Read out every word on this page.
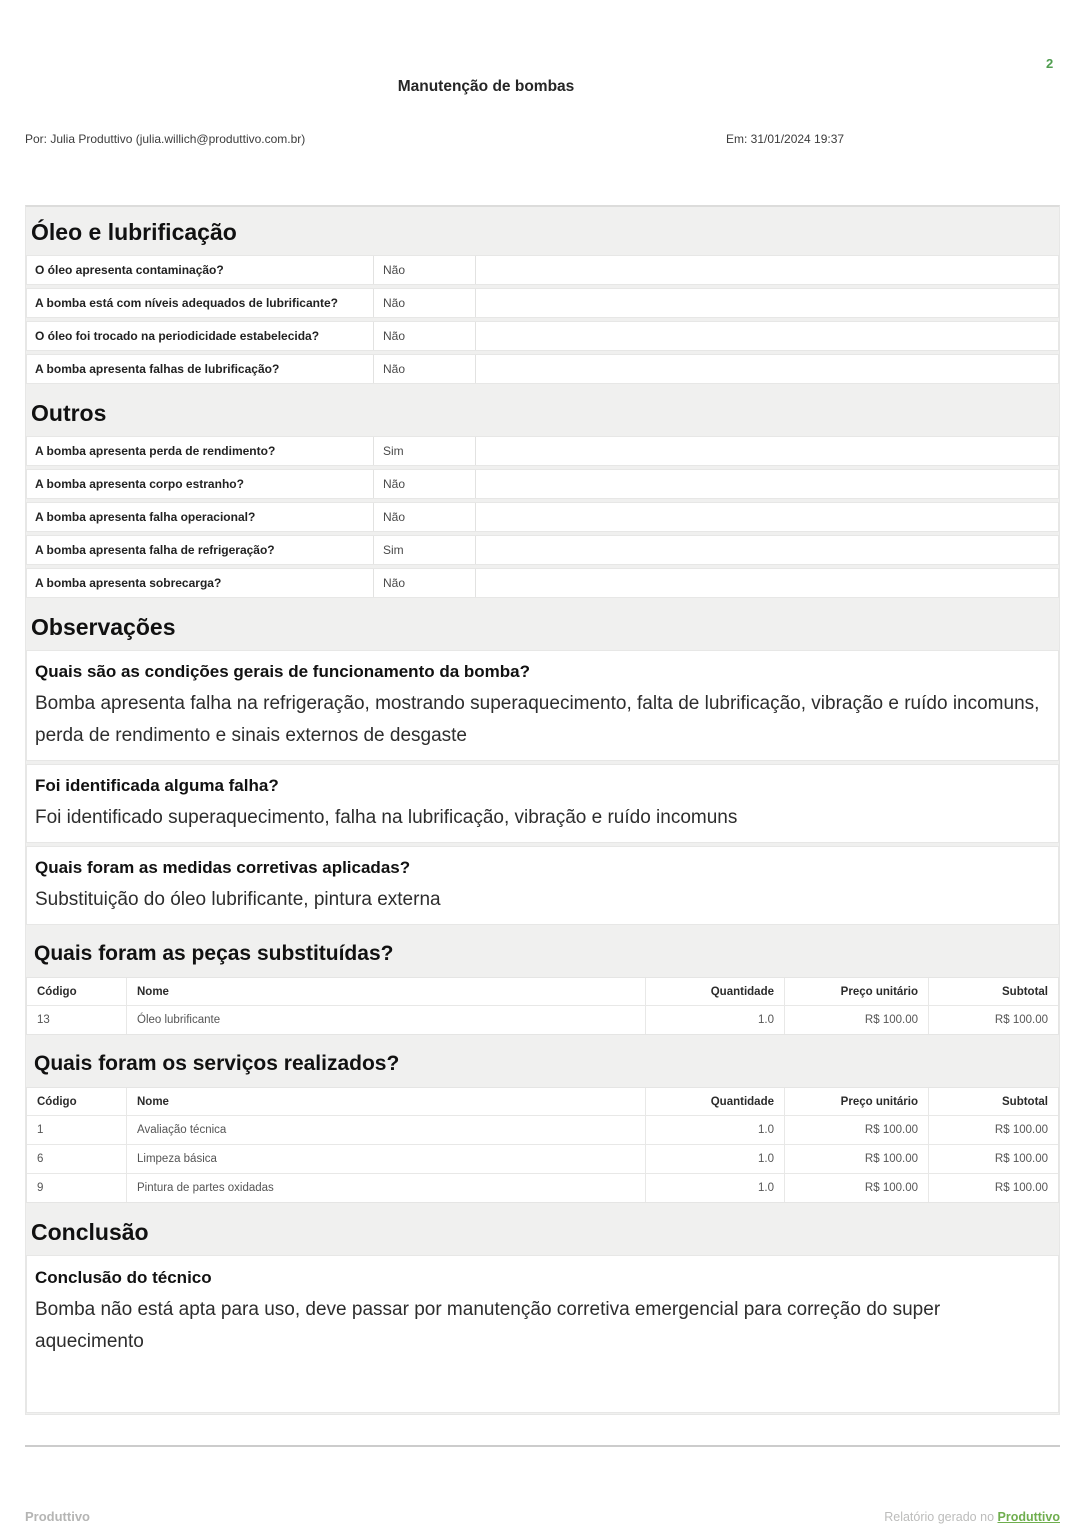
2
Manutenção de bombas
Por: Julia Produttivo (julia.willich@produttivo.com.br)	Em: 31/01/2024 19:37
Óleo e lubrificação
O óleo apresenta contaminação?	Não
A bomba está com níveis adequados de lubrificante?	Não
O óleo foi trocado na periodicidade estabelecida?	Não
A bomba apresenta falhas de lubrificação?	Não
Outros
A bomba apresenta perda de rendimento?	Sim
A bomba apresenta corpo estranho?	Não
A bomba apresenta falha operacional?	Não
A bomba apresenta falha de refrigeração?	Sim
A bomba apresenta sobrecarga?	Não
Observações
Quais são as condições gerais de funcionamento da bomba?
Bomba apresenta falha na refrigeração, mostrando superaquecimento, falta de lubrificação, vibração e ruído incomuns, perda de rendimento e sinais externos de desgaste
Foi identificada alguma falha?
Foi identificado superaquecimento, falha na lubrificação, vibração e ruído incomuns
Quais foram as medidas corretivas aplicadas?
Substituição do óleo lubrificante, pintura externa
Quais foram as peças substituídas?
Código	Nome	Quantidade	Preço unitário	Subtotal
13	Óleo lubrificante	1.0	R$ 100.00	R$ 100.00
Quais foram os serviços realizados?
Código	Nome	Quantidade	Preço unitário	Subtotal
1	Avaliação técnica	1.0	R$ 100.00	R$ 100.00
6	Limpeza básica	1.0	R$ 100.00	R$ 100.00
9	Pintura de partes oxidadas	1.0	R$ 100.00	R$ 100.00
Conclusão
Conclusão do técnico
Bomba não está apta para uso, deve passar por manutenção corretiva emergencial para correção do super aquecimento
Produttivo	Relatório gerado no Produttivo
